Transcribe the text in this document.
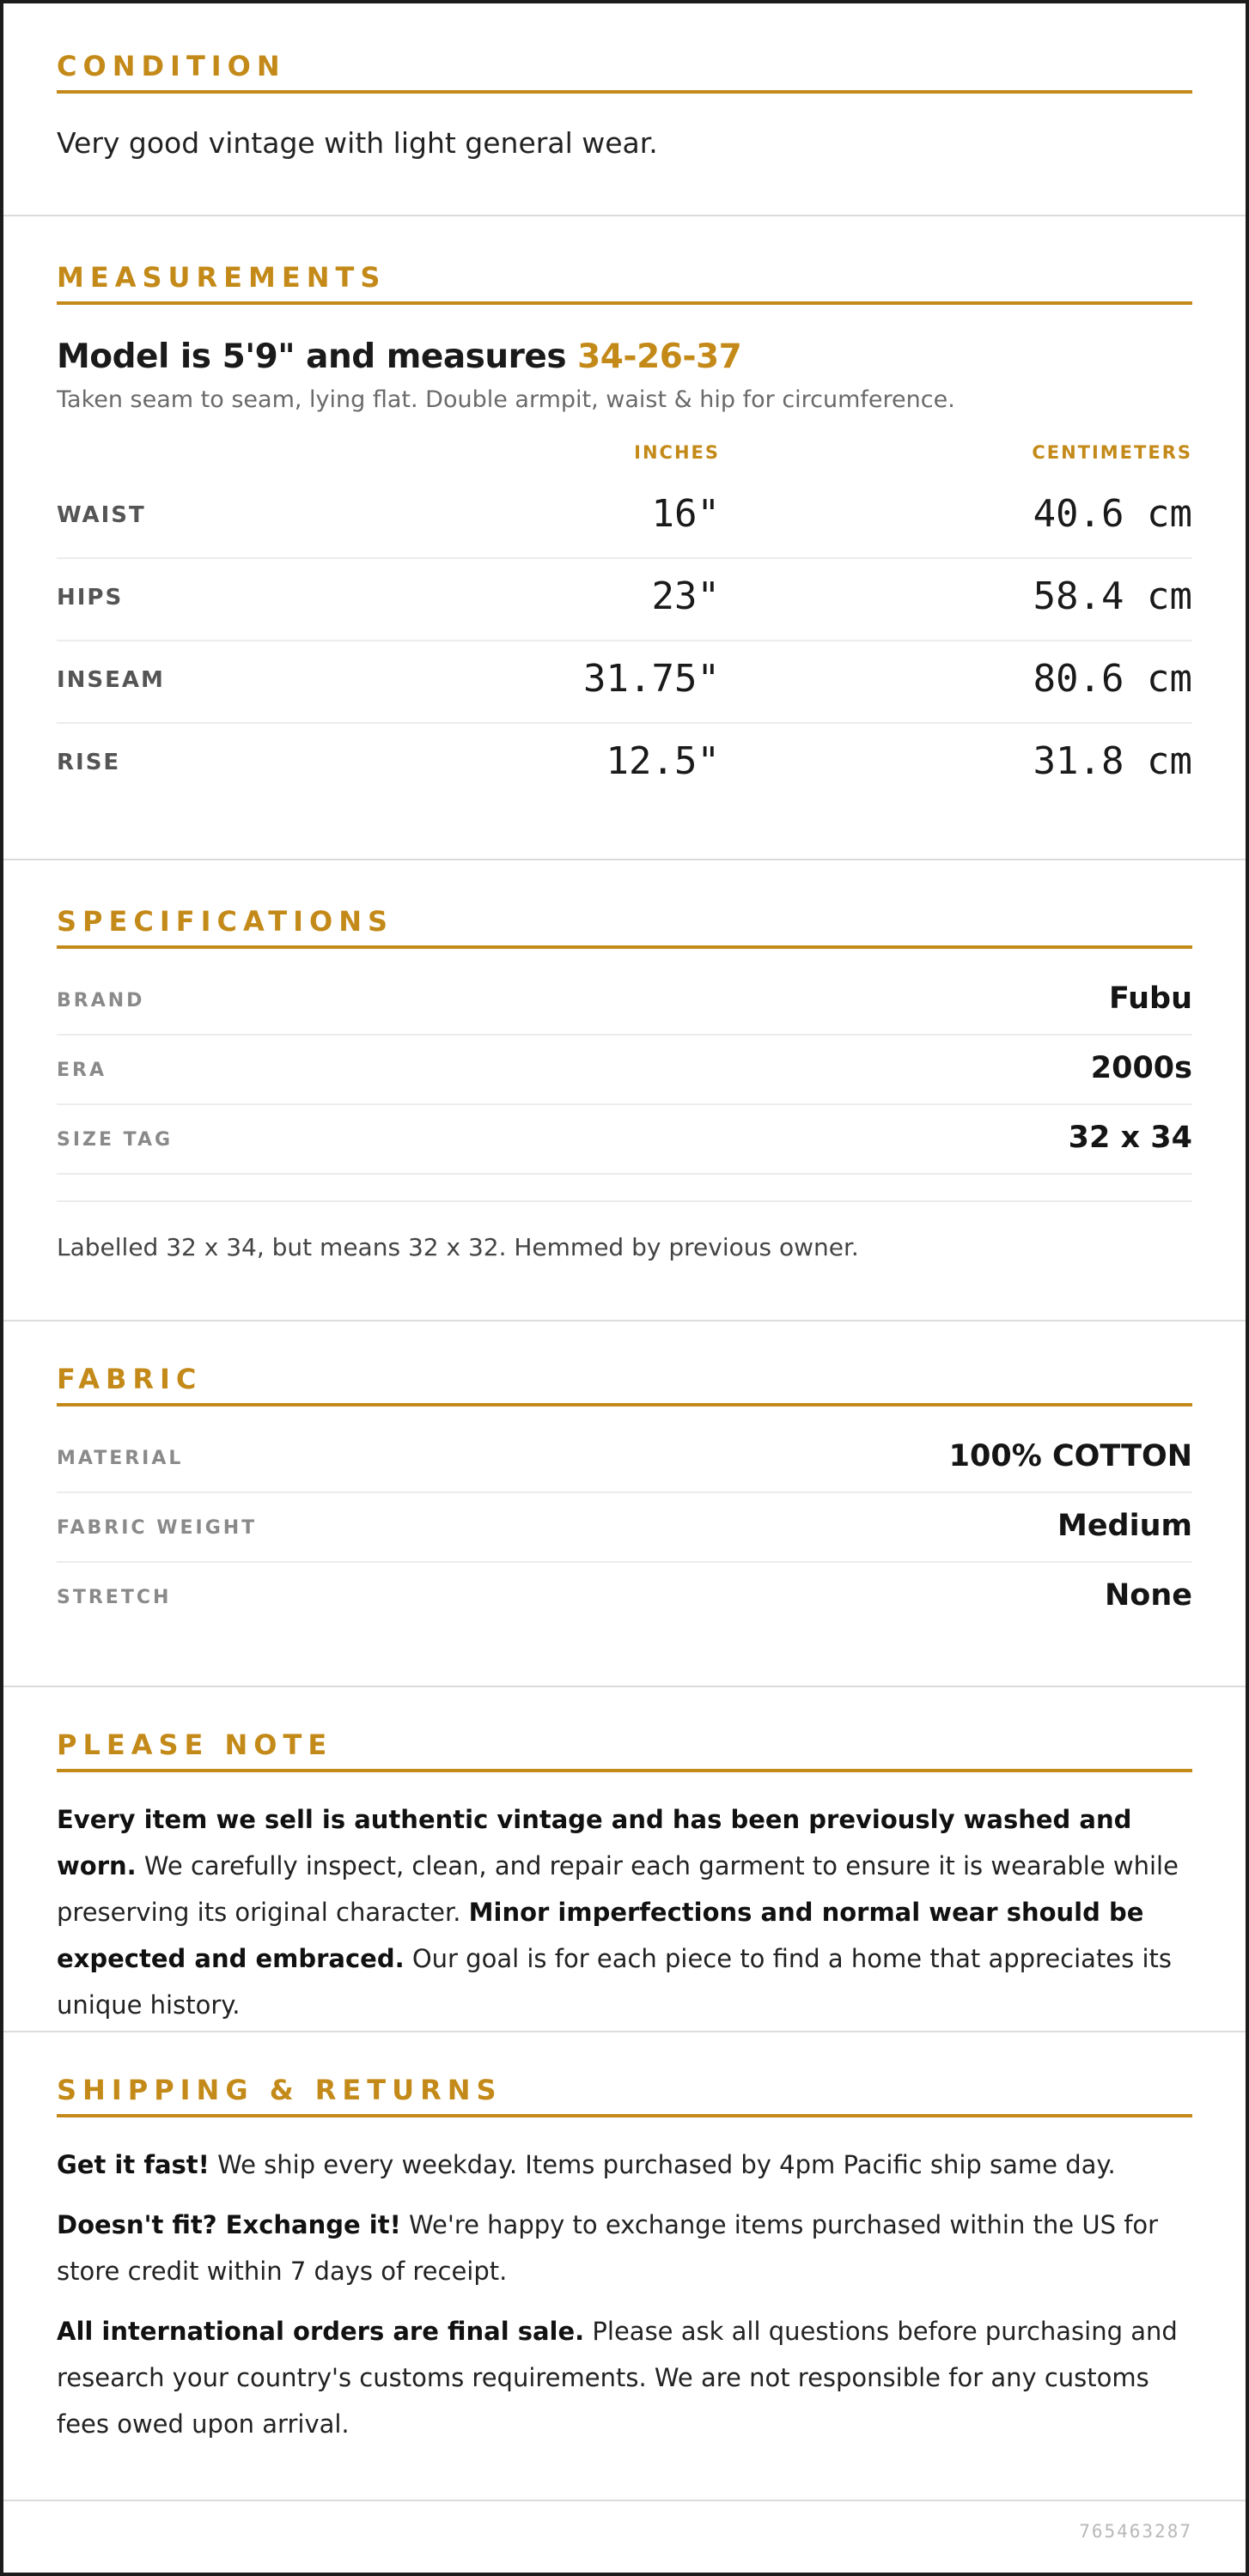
CONDITION
Very good vintage with light general wear.
MEASUREMENTS
Model is 5'9" and measures 34-26-37
Taken seam to seam, lying flat. Double armpit, waist & hip for circumference.
INCHES	CENTIMETERS
WAIST	16"	40.6 cm
HIPS	23"	58.4 cm
INSEAM	31.75"	80.6 cm
RISE	12.5"	31.8 cm
SPECIFICATIONS
BRAND	Fubu
ERA	2000s
SIZE TAG	32 x 34
Labelled 32 x 34, but means 32 x 32. Hemmed by previous owner.
FABRIC
MATERIAL	100% COTTON
FABRIC WEIGHT	Medium
STRETCH	None
PLEASE NOTE

Every item we sell is authentic vintage and has been previously washed and worn. We carefully inspect, clean, and repair each garment to ensure it is wearable while preserving its original character. Minor imperfections and normal wear should be expected and embraced. Our goal is for each piece to find a home that appreciates its unique history.

SHIPPING & RETURNS

Get it fast! We ship every weekday. Items purchased by 4pm Pacific ship same day.

Doesn't fit? Exchange it! We're happy to exchange items purchased within the US for store credit within 7 days of receipt.

All international orders are final sale. Please ask all questions before purchasing and research your country's customs requirements. We are not responsible for any customs fees owed upon arrival.

765463287
